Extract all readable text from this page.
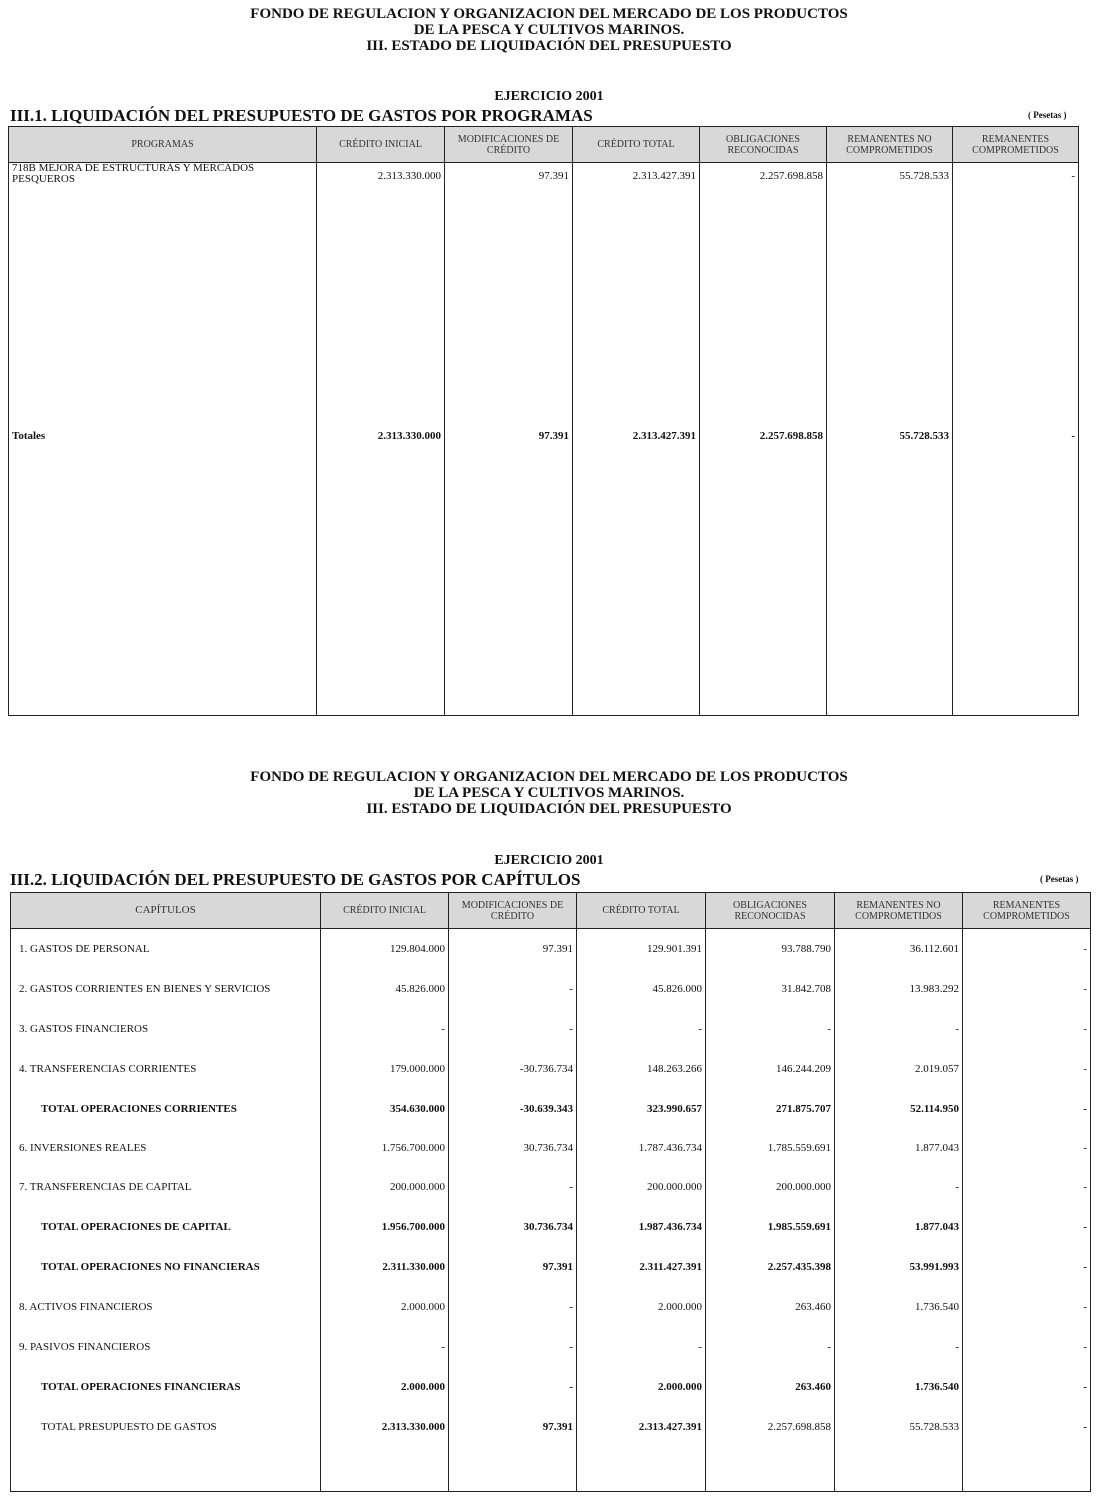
FONDO DE REGULACION Y ORGANIZACION DEL MERCADO DE LOS PRODUCTOS
DE LA PESCA Y CULTIVOS MARINOS.
III. ESTADO DE LIQUIDACIÓN DEL PRESUPUESTO
EJERCICIO 2001
III.1. LIQUIDACIÓN DEL PRESUPUESTO DE GASTOS POR PROGRAMAS	( Pesetas )
PROGRAMAS	CRÉDITO INICIAL	MODIFICACIONES DE CRÉDITO	CRÉDITO TOTAL	OBLIGACIONES RECONOCIDAS	REMANENTES NO COMPROMETIDOS	REMANENTES COMPROMETIDOS
718B MEJORA DE ESTRUCTURAS Y MERCADOS PESQUEROS	2.313.330.000	97.391	2.313.427.391	2.257.698.858	55.728.533	-
Totales	2.313.330.000	97.391	2.313.427.391	2.257.698.858	55.728.533	-

FONDO DE REGULACION Y ORGANIZACION DEL MERCADO DE LOS PRODUCTOS
DE LA PESCA Y CULTIVOS MARINOS.
III. ESTADO DE LIQUIDACIÓN DEL PRESUPUESTO
EJERCICIO 2001
III.2. LIQUIDACIÓN DEL PRESUPUESTO DE GASTOS POR CAPÍTULOS	( Pesetas )
CAPÍTULOS	CRÉDITO INICIAL	MODIFICACIONES DE CRÉDITO	CRÉDITO TOTAL	OBLIGACIONES RECONOCIDAS	REMANENTES NO COMPROMETIDOS	REMANENTES COMPROMETIDOS
1. GASTOS DE PERSONAL	129.804.000	97.391	129.901.391	93.788.790	36.112.601	-
2. GASTOS CORRIENTES EN BIENES Y SERVICIOS	45.826.000	-	45.826.000	31.842.708	13.983.292	-
3. GASTOS FINANCIEROS	-	-	-	-	-	-
4. TRANSFERENCIAS CORRIENTES	179.000.000	-30.736.734	148.263.266	146.244.209	2.019.057	-
TOTAL OPERACIONES CORRIENTES	354.630.000	-30.639.343	323.990.657	271.875.707	52.114.950	-
6. INVERSIONES REALES	1.756.700.000	30.736.734	1.787.436.734	1.785.559.691	1.877.043	-
7. TRANSFERENCIAS DE CAPITAL	200.000.000	-	200.000.000	200.000.000	-	-
TOTAL OPERACIONES DE CAPITAL	1.956.700.000	30.736.734	1.987.436.734	1.985.559.691	1.877.043	-
TOTAL OPERACIONES NO FINANCIERAS	2.311.330.000	97.391	2.311.427.391	2.257.435.398	53.991.993	-
8. ACTIVOS FINANCIEROS	2.000.000	-	2.000.000	263.460	1.736.540	-
9. PASIVOS FINANCIEROS	-	-	-	-	-	-
TOTAL OPERACIONES FINANCIERAS	2.000.000	-	2.000.000	263.460	1.736.540	-
TOTAL PRESUPUESTO DE GASTOS	2.313.330.000	97.391	2.313.427.391	2.257.698.858	55.728.533	-
